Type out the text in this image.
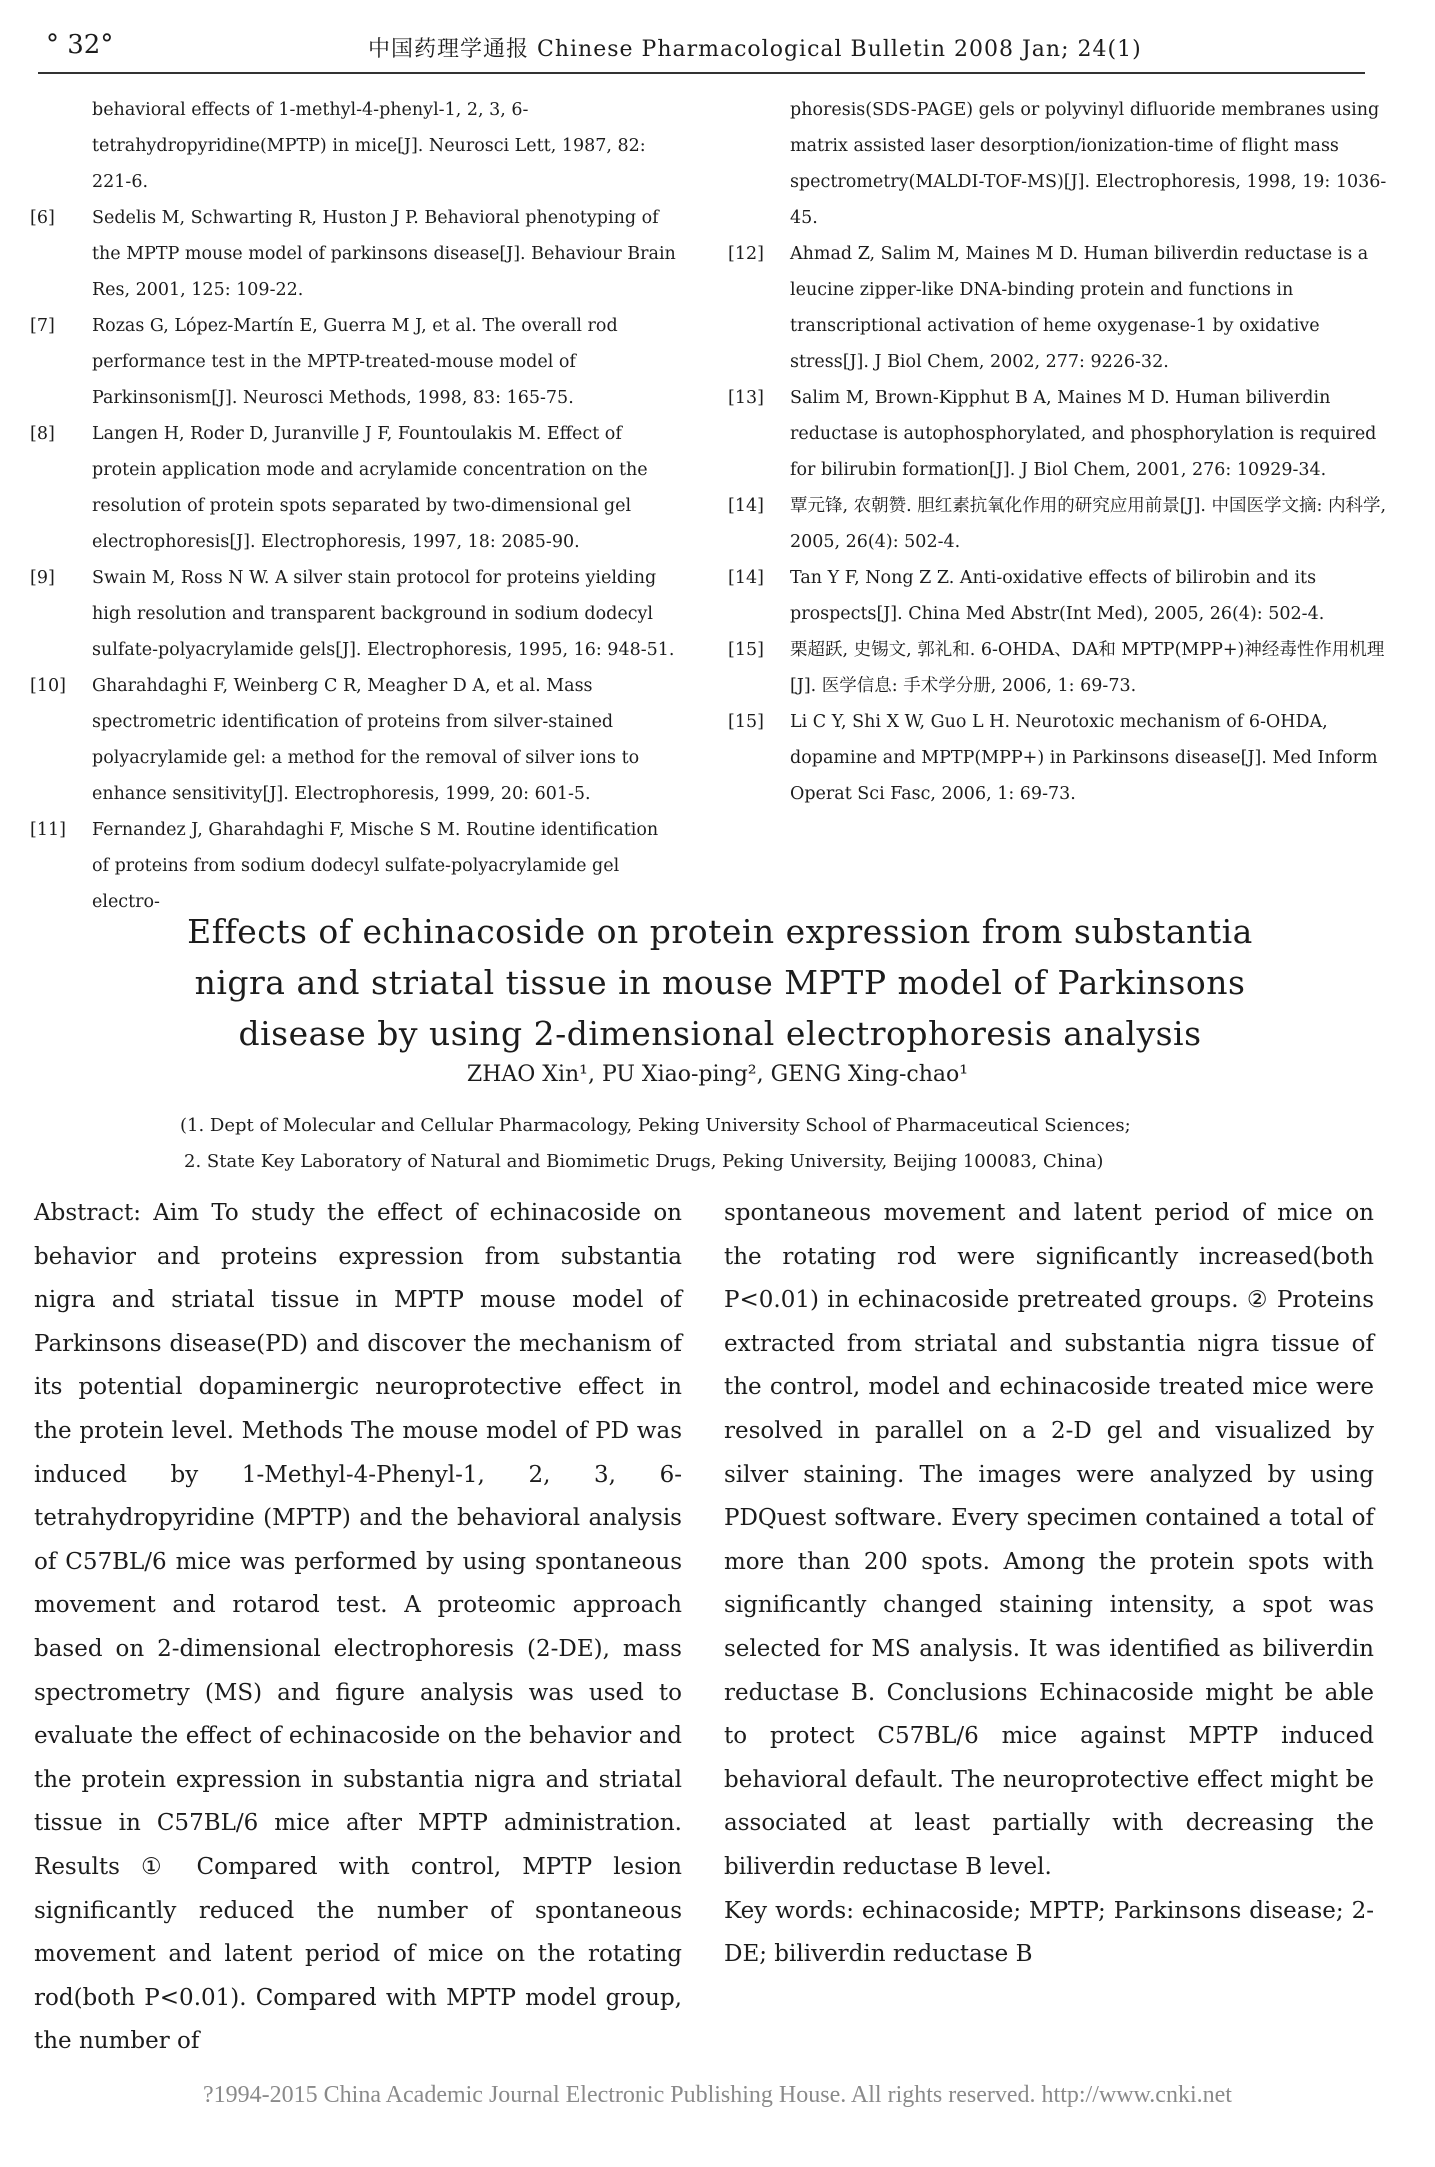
° 32°	中国药理学通报 Chinese Pharmacological Bulletin 2008 Jan; 24(1)

behavioral effects of 1-methyl-4-phenyl-1, 2, 3, 6-tetrahydropyridine(MPTP) in mice[J]. Neurosci Lett, 1987, 82: 221-6.

[6] Sedelis M, Schwarting R, Huston J P. Behavioral phenotyping of the MPTP mouse model of parkinsons disease[J]. Behaviour Brain Res, 2001, 125: 109-22.

[7] Rozas G, López-Martín E, Guerra M J, et al. The overall rod performance test in the MPTP-treated-mouse model of Parkinsonism[J]. Neurosci Methods, 1998, 83: 165-75.

[8] Langen H, Roder D, Juranville J F, Fountoulakis M. Effect of protein application mode and acrylamide concentration on the resolution of protein spots separated by two-dimensional gel electrophoresis[J]. Electrophoresis, 1997, 18: 2085-90.

[9] Swain M, Ross N W. A silver stain protocol for proteins yielding high resolution and transparent background in sodium dodecyl sulfate-polyacrylamide gels[J]. Electrophoresis, 1995, 16: 948-51.

[10] Gharahdaghi F, Weinberg C R, Meagher D A, et al. Mass spectrometric identification of proteins from silver-stained polyacrylamide gel: a method for the removal of silver ions to enhance sensitivity[J]. Electrophoresis, 1999, 20: 601-5.

[11] Fernandez J, Gharahdaghi F, Mische S M. Routine identification of proteins from sodium dodecyl sulfate-polyacrylamide gel electro-

phoresis(SDS-PAGE) gels or polyvinyl difluoride membranes using matrix assisted laser desorption/ionization-time of flight mass spectrometry(MALDI-TOF-MS)[J]. Electrophoresis, 1998, 19: 1036-45.

[12] Ahmad Z, Salim M, Maines M D. Human biliverdin reductase is a leucine zipper-like DNA-binding protein and functions in transcriptional activation of heme oxygenase-1 by oxidative stress[J]. J Biol Chem, 2002, 277: 9226-32.

[13] Salim M, Brown-Kipphut B A, Maines M D. Human biliverdin reductase is autophosphorylated, and phosphorylation is required for bilirubin formation[J]. J Biol Chem, 2001, 276: 10929-34.

[14] 覃元锋, 农朝赞. 胆红素抗氧化作用的研究应用前景[J]. 中国医学文摘: 内科学, 2005, 26(4): 502-4.

[14] Tan Y F, Nong Z Z. Anti-oxidative effects of bilirobin and its prospects[J]. China Med Abstr(Int Med), 2005, 26(4): 502-4.

[15] 栗超跃, 史锡文, 郭礼和. 6-OHDA、DA和 MPTP(MPP+)神经毒性作用机理[J]. 医学信息: 手术学分册, 2006, 1: 69-73.

[15] Li C Y, Shi X W, Guo L H. Neurotoxic mechanism of 6-OHDA, dopamine and MPTP(MPP+) in Parkinsons disease[J]. Med Inform Operat Sci Fasc, 2006, 1: 69-73.

Effects of echinacoside on protein expression from substantia nigra and striatal tissue in mouse MPTP model of Parkinsons disease by using 2-dimensional electrophoresis analysis
ZHAO Xin¹, PU Xiao-ping², GENG Xing-chao¹

(1. Dept of Molecular and Cellular Pharmacology, Peking University School of Pharmaceutical Sciences;

2. State Key Laboratory of Natural and Biomimetic Drugs, Peking University, Beijing 100083, China)

Abstract: Aim To study the effect of echinacoside on behavior and proteins expression from substantia nigra and striatal tissue in MPTP mouse model of Parkinsons disease(PD) and discover the mechanism of its potential dopaminergic neuroprotective effect in the protein level. Methods The mouse model of PD was induced by 1-Methyl-4-Phenyl-1, 2, 3, 6-tetrahydropyridine (MPTP) and the behavioral analysis of C57BL/6 mice was performed by using spontaneous movement and rotarod test. A proteomic approach based on 2-dimensional electrophoresis (2-DE), mass spectrometry (MS) and figure analysis was used to evaluate the effect of echinacoside on the behavior and the protein expression in substantia nigra and striatal tissue in C57BL/6 mice after MPTP administration. Results ① Compared with control, MPTP lesion significantly reduced the number of spontaneous movement and latent period of mice on the rotating rod(both P<0.01). Compared with MPTP model group, the number of

spontaneous movement and latent period of mice on the rotating rod were significantly increased(both P<0.01) in echinacoside pretreated groups. ② Proteins extracted from striatal and substantia nigra tissue of the control, model and echinacoside treated mice were resolved in parallel on a 2-D gel and visualized by silver staining. The images were analyzed by using PDQuest software. Every specimen contained a total of more than 200 spots. Among the protein spots with significantly changed staining intensity, a spot was selected for MS analysis. It was identified as biliverdin reductase B. Conclusions Echinacoside might be able to protect C57BL/6 mice against MPTP induced behavioral default. The neuroprotective effect might be associated at least partially with decreasing the biliverdin reductase B level.

Key words: echinacoside; MPTP; Parkinsons disease; 2-DE; biliverdin reductase B

?1994-2015 China Academic Journal Electronic Publishing House. All rights reserved. http://www.cnki.net
